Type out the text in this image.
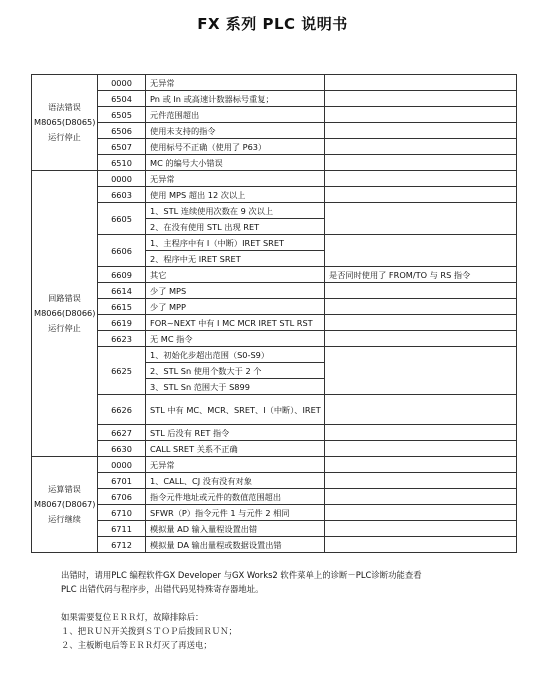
FX 系列 PLC 说明书
语法错误
M8065(D8065)
运行停止	0000	无异常	
	6504	Pn 或 In 或高速计数器标号重复；	
	6505	元件范围超出	
	6506	使用未支持的指令	
	6507	使用标号不正确（使用了 P63）	
	6510	MC 的编号大小错误	

回路错误
M8066(D8066)
运行停止	0000	无异常	
	6603	使用 MPS 超出 12 次以上	
	6605	1、STL 连续使用次数在 9 次以上	
		2、在没有使用 STL 出现 RET	
	6606	1、主程序中有 I（中断）IRET SRET	
		2、程序中无 IRET SRET	
	6609	其它	是否同时使用了 FROM/TO 与 RS 指令
	6614	少了 MPS	
	6615	少了 MPP	
	6619	FOR~NEXT 中有 I MC MCR IRET STL RST	
	6623	无 MC 指令	
	6625	1、初始化步超出范围（S0-S9）	
		2、STL Sn 使用个数大于 2 个	
		3、STL Sn 范围大于 S899	
	6626	STL 中有 MC、MCR、SRET、I（中断）、IRET	
	6627	STL 后没有 RET 指令	
	6630	CALL SRET 关系不正确	

运算错误
M8067(D8067)
运行继续	0000	无异常	
	6701	1、CALL、CJ 没有没有对象	
	6706	指令元件地址或元件的数值范围超出	
	6710	SFWR（P）指令元件 1 与元件 2 相同	
	6711	模拟量 AD 输入量程设置出错	
	6712	模拟量 DA 输出量程或数据设置出错	

出错时，请用PLC 编程软件GX Developer 与GX Works2 软件菜单上的诊断－PLC诊断功能查看

PLC 出错代码与程序步，出错代码见特殊寄存器地址。

如果需要复位ＥＲＲ灯，故障排除后：

１、把ＲＵＮ开关拨到ＳＴＯＰ后拨回ＲＵＮ；

２、主板断电后等ＥＲＲ灯灭了再送电；
